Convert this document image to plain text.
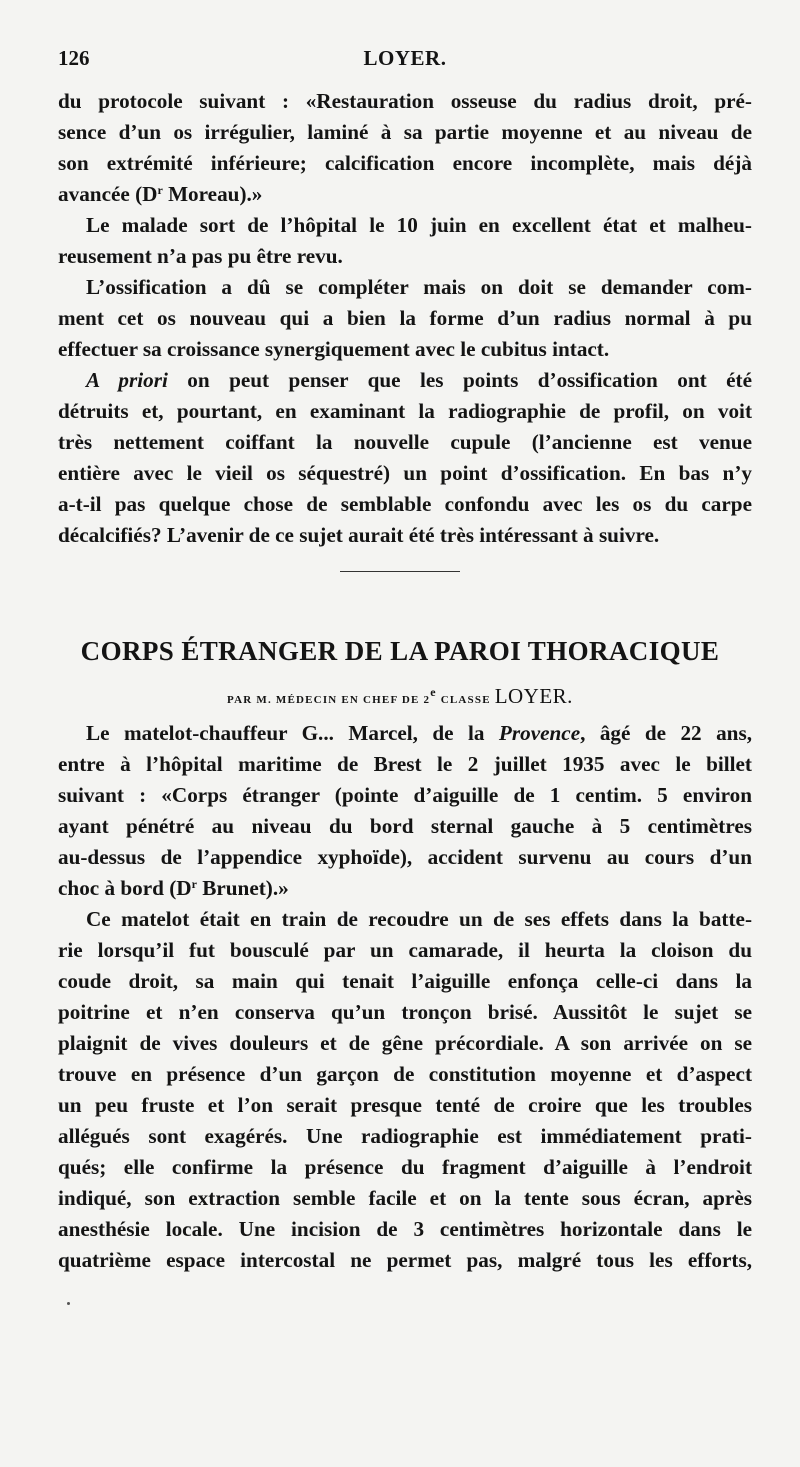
126	LOYER.
du protocole suivant : «Restauration osseuse du radius droit, pré-
sence d’un os irrégulier, laminé à sa partie moyenne et au niveau de
son extrémité inférieure; calcification encore incomplète, mais déjà
avancée ($D^r$ Moreau).»
Le malade sort de l’hôpital le 10 juin en excellent état et malheu-
reusement n’a pas pu être revu.
L’ossification a dû se compléter mais on doit se demander com-
ment cet os nouveau qui a bien la forme d’un radius normal à pu
effectuer sa croissance synergiquement avec le cubitus intact.
A priori on peut penser que les points d’ossification ont été
détruits et, pourtant, en examinant la radiographie de profil, on voit
très nettement coiffant la nouvelle cupule (l’ancienne est venue
entière avec le vieil os séquestré) un point d’ossification. En bas n’y
a-t-il pas quelque chose de semblable confondu avec les os du carpe
décalcifiés? L’avenir de ce sujet aurait été très intéressant à suivre.
CORPS ÉTRANGER DE LA PAROI THORACIQUE
PAR M. MÉDECIN EN CHEF DE 2e CLASSE LOYER.
Le matelot-chauffeur G... Marcel, de la Provence, âgé de 22 ans,
entre à l’hôpital maritime de Brest le 2 juillet 1935 avec le billet
suivant : «Corps étranger (pointe d’aiguille de 1 centim. 5 environ
ayant pénétré au niveau du bord sternal gauche à 5 centimètres
au-dessus de l’appendice xyphoïde), accident survenu au cours d’un
choc à bord ($D^r$ Brunet).»
Ce matelot était en train de recoudre un de ses effets dans la batte-
rie lorsqu’il fut bousculé par un camarade, il heurta la cloison du
coude droit, sa main qui tenait l’aiguille enfonça celle-ci dans la
poitrine et n’en conserva qu’un tronçon brisé. Aussitôt le sujet se
plaignit de vives douleurs et de gêne précordiale. A son arrivée on se
trouve en présence d’un garçon de constitution moyenne et d’aspect
un peu fruste et l’on serait presque tenté de croire que les troubles
allégués sont exagérés. Une radiographie est immédiatement prati-
qués; elle confirme la présence du fragment d’aiguille à l’endroit
indiqué, son extraction semble facile et on la tente sous écran, après
anesthésie locale. Une incision de 3 centimètres horizontale dans le
quatrième espace intercostal ne permet pas, malgré tous les efforts,
